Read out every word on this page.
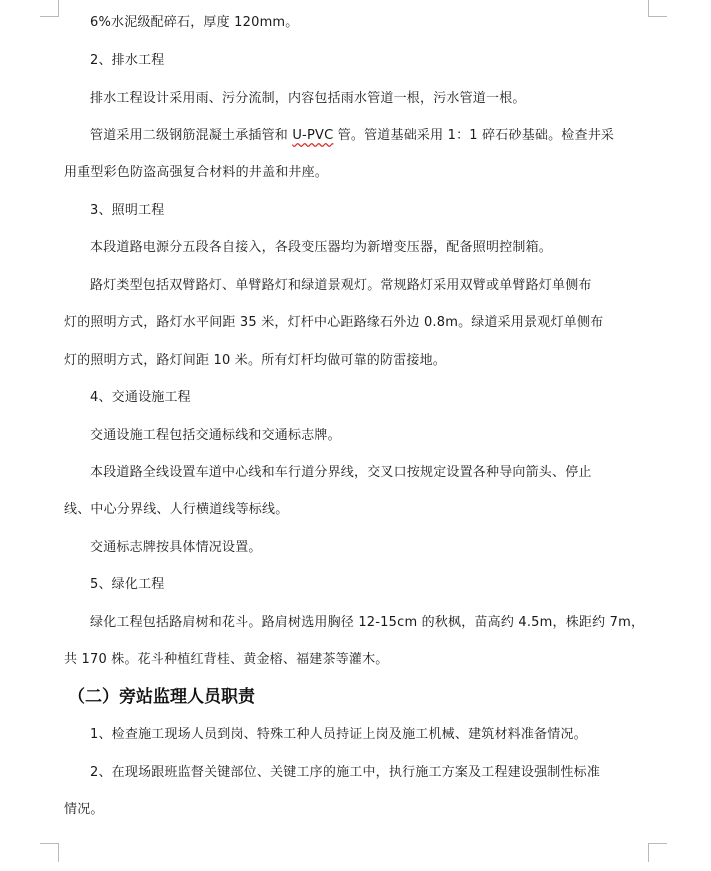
6%水泥级配碎石，厚度 120mm。
2、排水工程
排水工程设计采用雨、污分流制，内容包括雨水管道一根，污水管道一根。
管道采用二级钢筋混凝土承插管和 U-PVC 管。管道基础采用 1：1 碎石砂基础。检查井采
用重型彩色防盗高强复合材料的井盖和井座。
3、照明工程
本段道路电源分五段各自接入，各段变压器均为新增变压器，配备照明控制箱。
路灯类型包括双臂路灯、单臂路灯和绿道景观灯。常规路灯采用双臂或单臂路灯单侧布
灯的照明方式，路灯水平间距 35 米，灯杆中心距路缘石外边 0.8m。绿道采用景观灯单侧布
灯的照明方式，路灯间距 10 米。所有灯杆均做可靠的防雷接地。
4、交通设施工程
交通设施工程包括交通标线和交通标志牌。
本段道路全线设置车道中心线和车行道分界线，交叉口按规定设置各种导向箭头、停止
线、中心分界线、人行横道线等标线。
交通标志牌按具体情况设置。
5、绿化工程
绿化工程包括路肩树和花斗。路肩树选用胸径 12-15cm 的秋枫，苗高约 4.5m，株距约 7m，
共 170 株。花斗种植红背桂、黄金榕、福建茶等灌木。
（二）旁站监理人员职责
1、检查施工现场人员到岗、特殊工种人员持证上岗及施工机械、建筑材料准备情况。
2、在现场跟班监督关键部位、关键工序的施工中，执行施工方案及工程建设强制性标准
情况。
